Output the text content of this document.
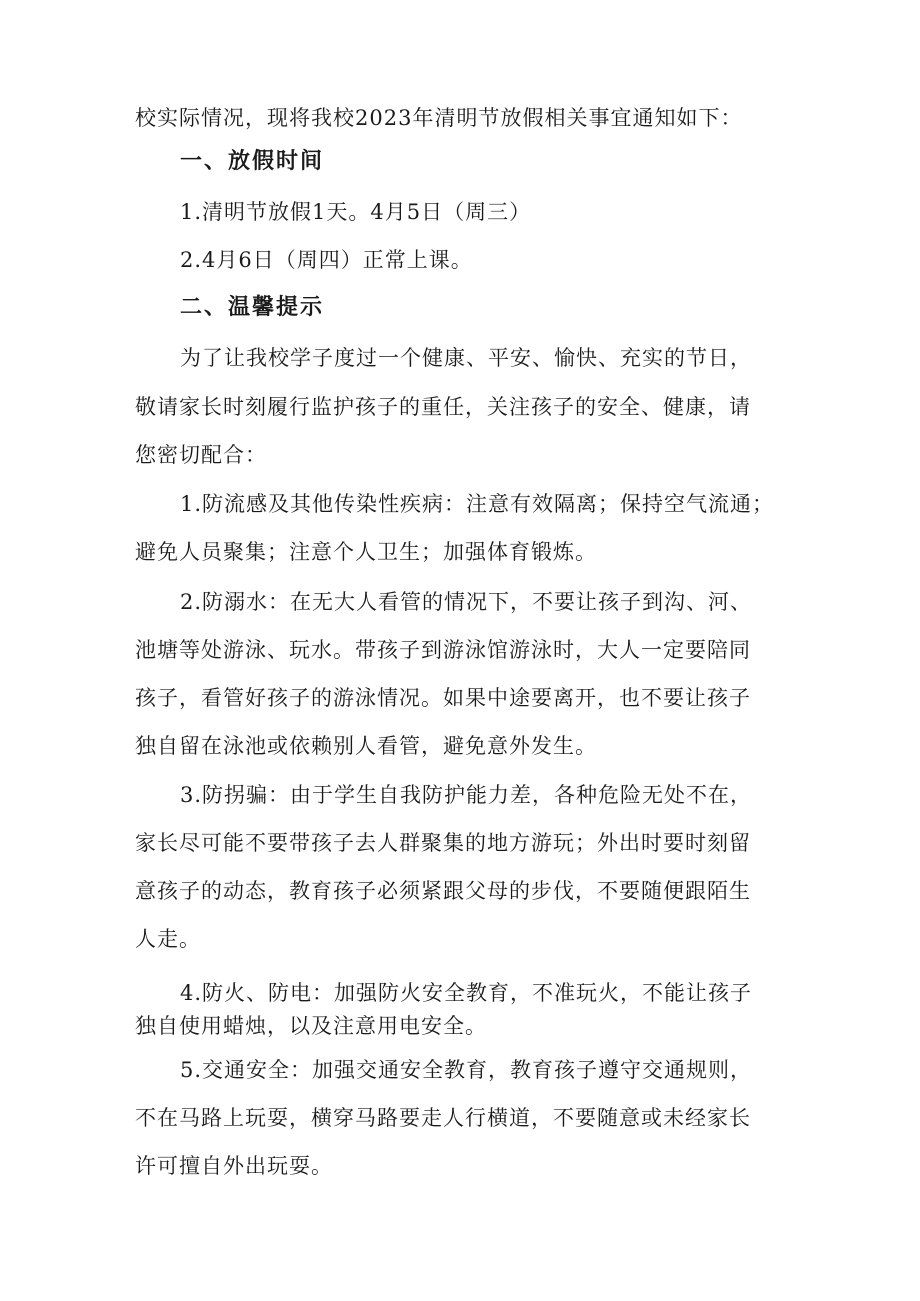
校实际情况，现将我校2023年清明节放假相关事宜通知如下：
一、放假时间
1.清明节放假1天。4月5日（周三）
2.4月6日（周四）正常上课。
二、温馨提示
为了让我校学子度过一个健康、平安、愉快、充实的节日，
敬请家长时刻履行监护孩子的重任，关注孩子的安全、健康，请
您密切配合：
1.防流感及其他传染性疾病：注意有效隔离；保持空气流通；
避免人员聚集；注意个人卫生；加强体育锻炼。
2.防溺水：在无大人看管的情况下，不要让孩子到沟、河、
池塘等处游泳、玩水。带孩子到游泳馆游泳时，大人一定要陪同
孩子，看管好孩子的游泳情况。如果中途要离开，也不要让孩子
独自留在泳池或依赖别人看管，避免意外发生。
3.防拐骗：由于学生自我防护能力差，各种危险无处不在，
家长尽可能不要带孩子去人群聚集的地方游玩；外出时要时刻留
意孩子的动态，教育孩子必须紧跟父母的步伐，不要随便跟陌生
人走。
4.防火、防电：加强防火安全教育，不准玩火，不能让孩子
独自使用蜡烛，以及注意用电安全。
5.交通安全：加强交通安全教育，教育孩子遵守交通规则，
不在马路上玩耍，横穿马路要走人行横道，不要随意或未经家长
许可擅自外出玩耍。
